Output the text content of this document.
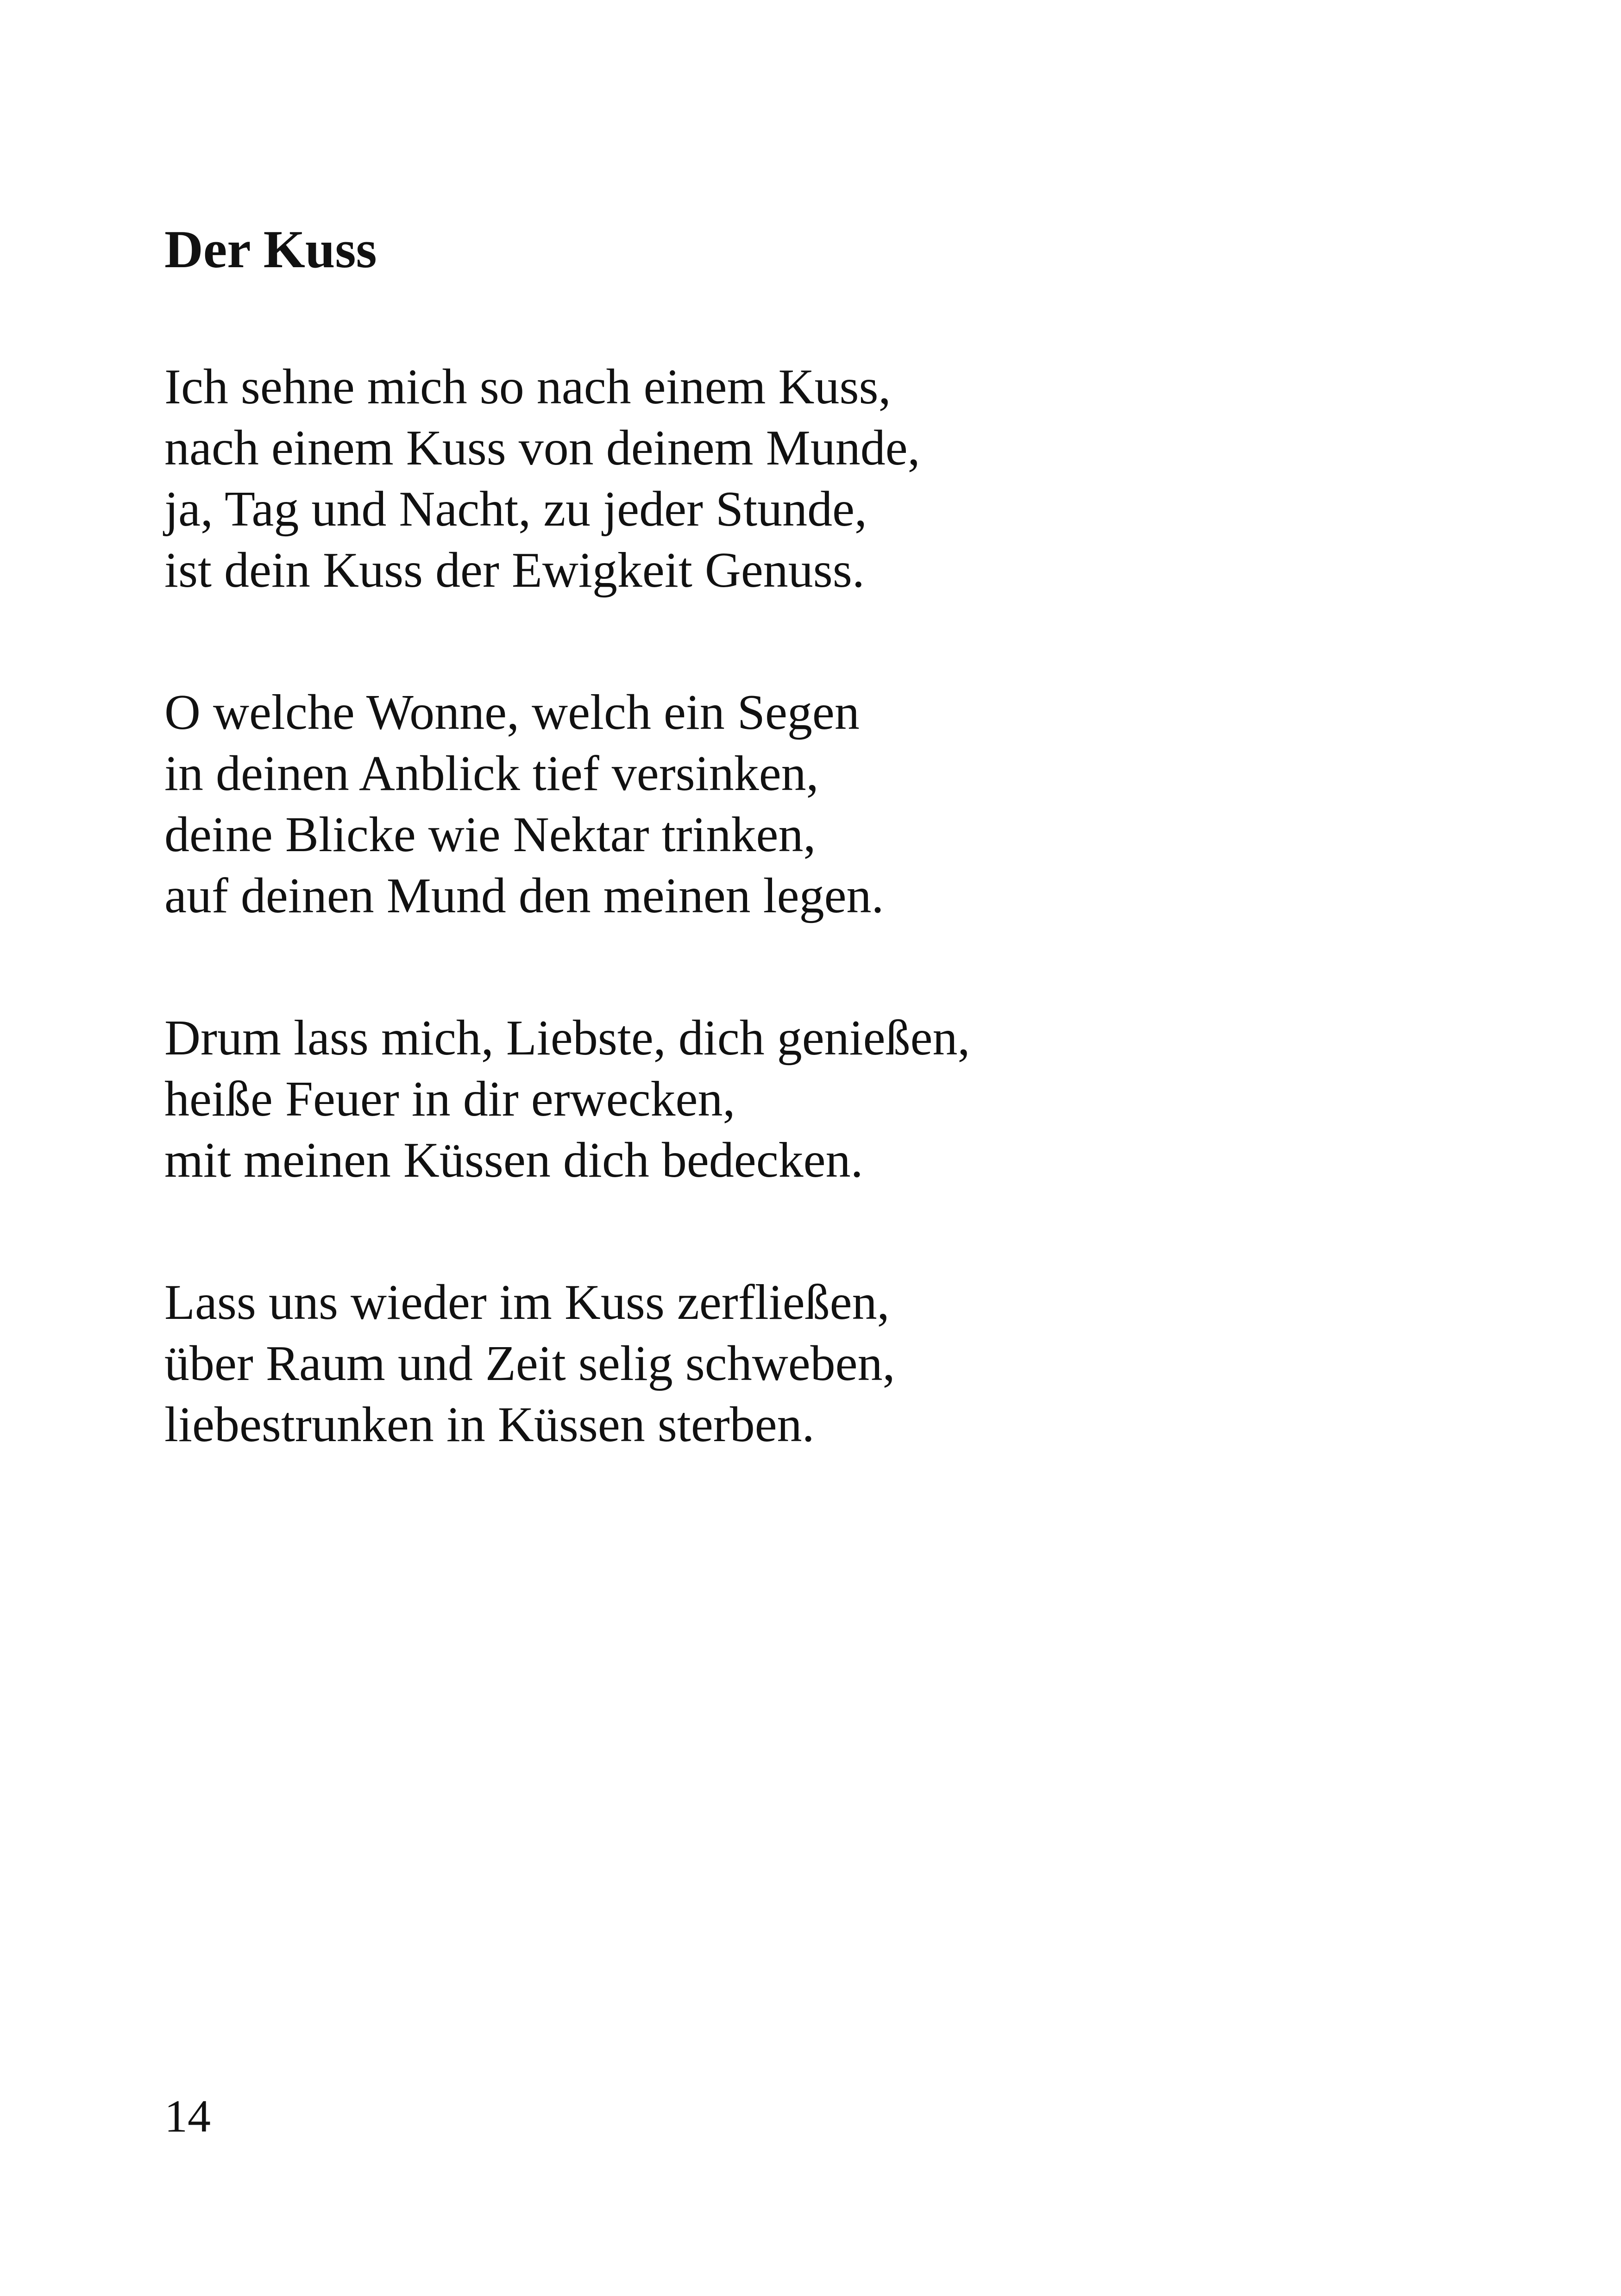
Der Kuss
Ich sehne mich so nach einem Kuss,
nach einem Kuss von deinem Munde,
ja, Tag und Nacht, zu jeder Stunde,
ist dein Kuss der Ewigkeit Genuss.
O welche Wonne, welch ein Segen
in deinen Anblick tief versinken,
deine Blicke wie Nektar trinken,
auf deinen Mund den meinen legen.
Drum lass mich, Liebste, dich genießen,
heiße Feuer in dir erwecken,
mit meinen Küssen dich bedecken.
Lass uns wieder im Kuss zerfließen,
über Raum und Zeit selig schweben,
liebestrunken in Küssen sterben.
14
